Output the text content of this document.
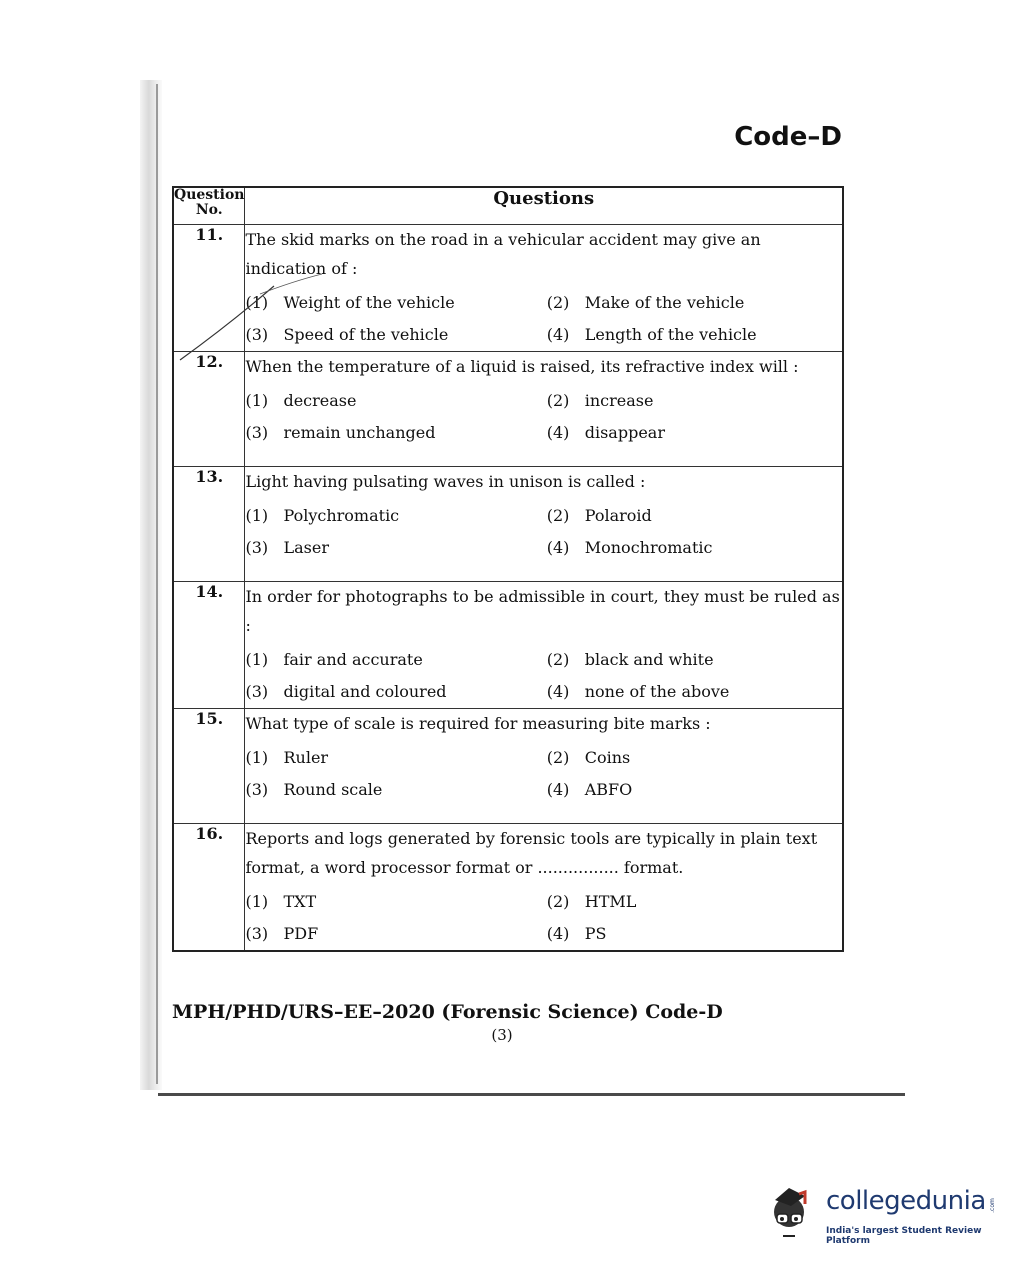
Code–D
Question No.	Questions
11.	The skid marks on the road in a vehicular accident may give an indication of :
(1) Weight of the vehicle (2) Make of the vehicle
(3) Speed of the vehicle (4) Length of the vehicle

12.	When the temperature of a liquid is raised, its refractive index will :
(1) decrease (2) increase
(3) remain unchanged (4) disappear

13.	Light having pulsating waves in unison is called :
(1) Polychromatic (2) Polaroid
(3) Laser (4) Monochromatic

14.	In order for photographs to be admissible in court, they must be ruled as :
(1) fair and accurate (2) black and white
(3) digital and coloured (4) none of the above

15.	What type of scale is required for measuring bite marks :
(1) Ruler (2) Coins
(3) Round scale (4) ABFO

16.	Reports and logs generated by forensic tools are typically in plain text format, a word processor format or ................ format.
(1) TXT (2) HTML
(3) PDF (4) PS
MPH/PHD/URS–EE–2020 (Forensic Science) Code-D
(3)
collegedunia
India's largest Student Review Platform
.com
